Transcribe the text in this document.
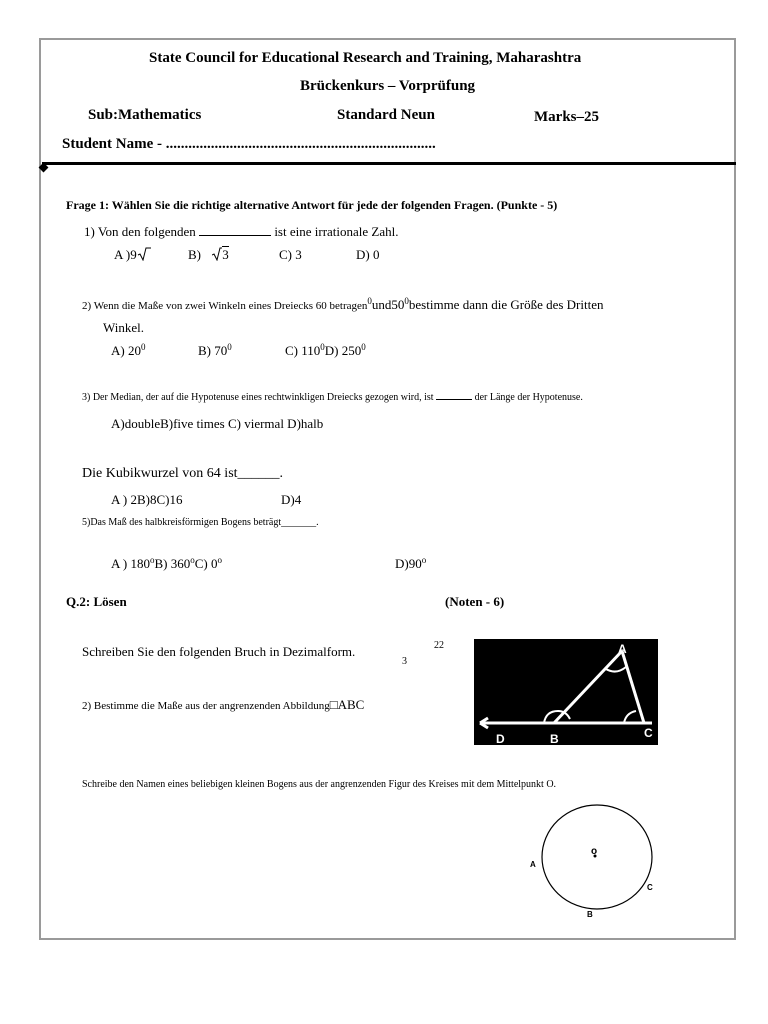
State Council for Educational Research and Training, Maharashtra
Brückenkurs – Vorprüfung
Sub:Mathematics	Standard Neun	Marks–25
Student Name - ........................................................................
Frage 1: Wählen Sie die richtige alternative Antwort für jede der folgenden Fragen. (Punkte - 5)
1) Von den folgenden	ist eine irrationale Zahl.
A )9	B) 3	C) 3	D) 0
2) Wenn die Maße von zwei Winkeln eines Dreiecks 60 $betragen^0und50^0bestimme$ dann die Größe des Dritten
Winkel.
A) $20^0$	B) $70^0$	C) $110^0D$) $250^0$
3) Der Median, der auf die Hypotenuse eines rechtwinkligen Dreiecks gezogen wird, ist	der Länge der Hypotenuse.
A)doubleB)five times C) viermal D)halb
Die Kubikwurzel von 64 ist______.
A ) 2B)8C)16	D)4
5)Das Maß des halbkreisförmigen Bogens beträgt_______.
A ) 180$^o$B) 360$^o$C) 0$^o$	D)90$^o$
Q.2: Lösen	(Noten - 6)
Schreiben Sie den folgenden Bruch in Dezimalform.	22
3
2) Bestimme die Maße aus der angrenzenden Abbildung□ABC
D	B
A
C
Schreibe den Namen eines beliebigen kleinen Bogens aus der angrenzenden Figur des Kreises mit dem Mittelpunkt O.
o
A
C
B
